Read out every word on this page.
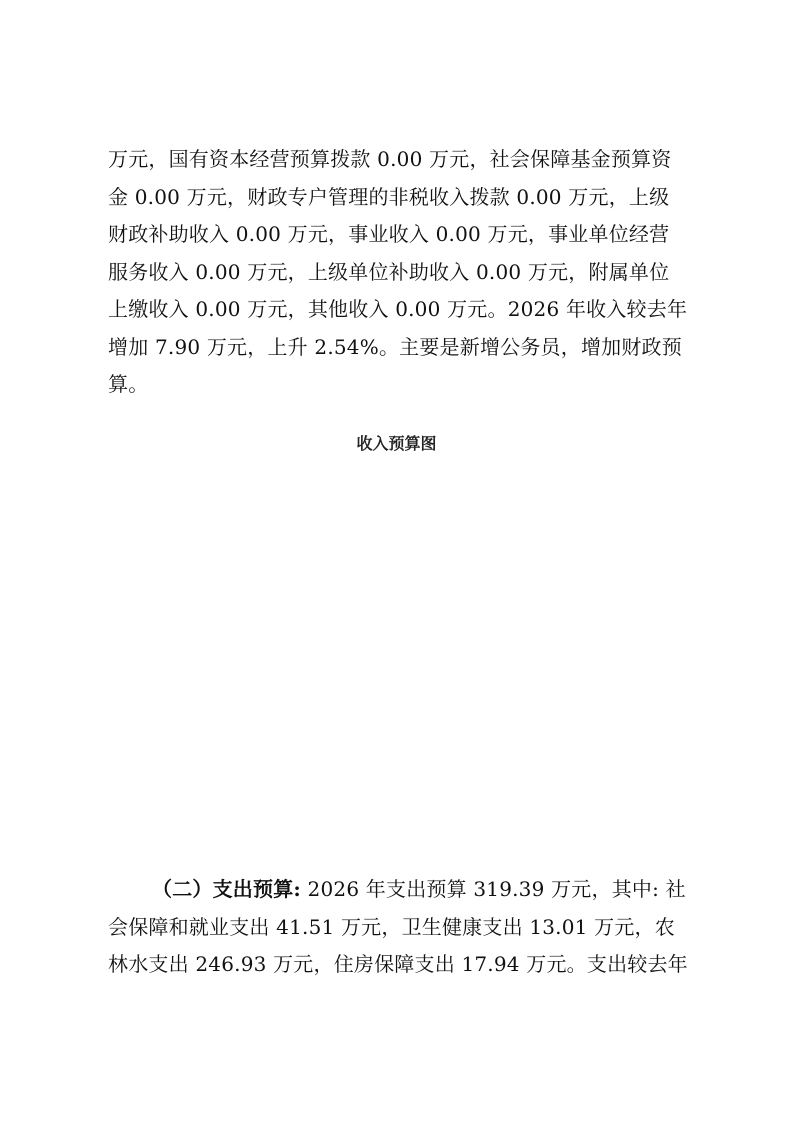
万元，国有资本经营预算拨款 0.00 万元，社会保障基金预算资
金 0.00 万元，财政专户管理的非税收入拨款 0.00 万元，上级
财政补助收入 0.00 万元，事业收入 0.00 万元，事业单位经营
服务收入 0.00 万元，上级单位补助收入 0.00 万元，附属单位
上缴收入 0.00 万元，其他收入 0.00 万元。2026 年收入较去年
增加 7.90 万元，上升 2.54%。主要是新增公务员，增加财政预
算。
收入预算图
（二）支出预算: 2026 年支出预算 319.39 万元，其中: 社
会保障和就业支出 41.51 万元，卫生健康支出 13.01 万元，农
林水支出 246.93 万元，住房保障支出 17.94 万元。支出较去年
